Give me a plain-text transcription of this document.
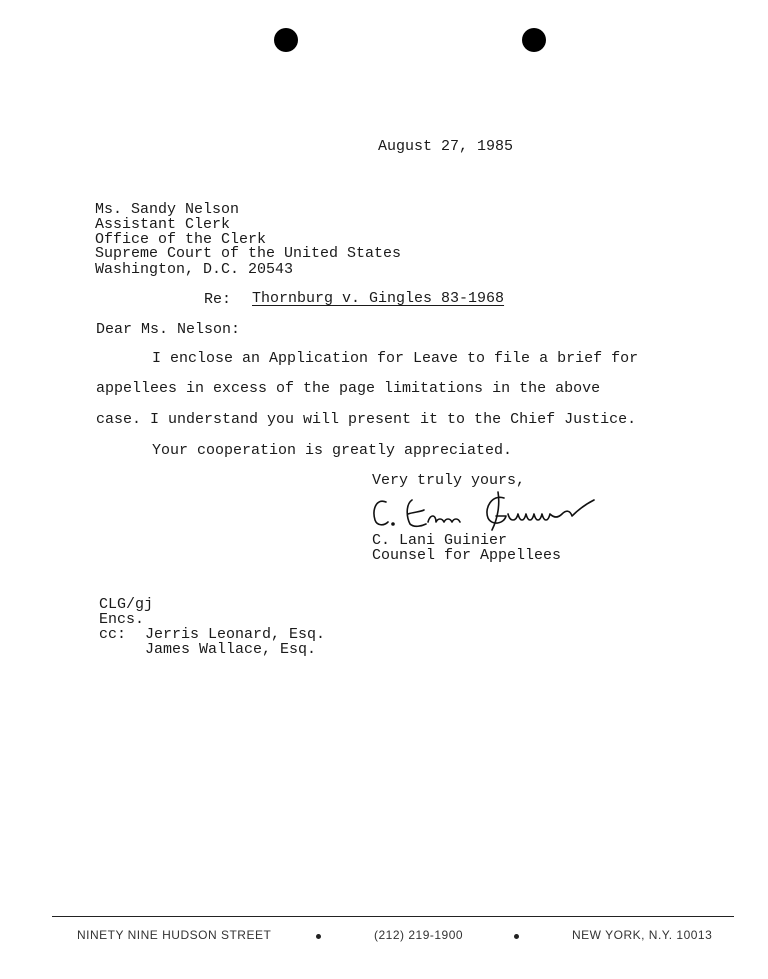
August 27, 1985
Ms. Sandy Nelson
Assistant Clerk
Office of the Clerk
Supreme Court of the United States
Washington, D.C. 20543
Re: Thornburg v. Gingles 83-1968
Dear Ms. Nelson:
I enclose an Application for Leave to file a brief for
appellees in excess of the page limitations in the above
case. I understand you will present it to the Chief Justice.
Your cooperation is greatly appreciated.
Very truly yours,
C. Lani Guinier
Counsel for Appellees
CLG/gj
Encs.
cc: Jerris Leonard, Esq.
James Wallace, Esq.
NINETY NINE HUDSON STREET	(212) 219-1900	NEW YORK, N.Y. 10013
